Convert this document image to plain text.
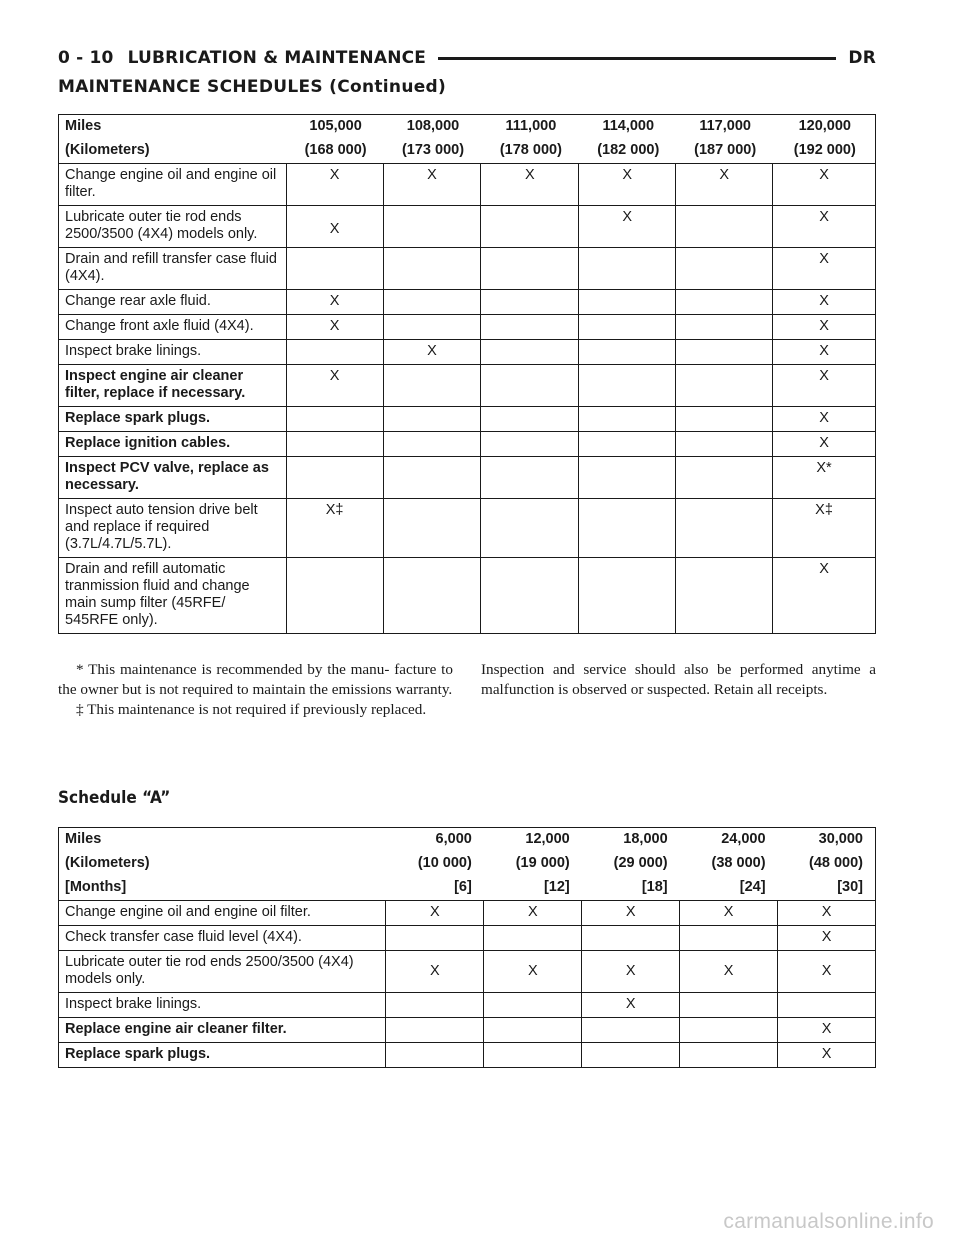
0 - 10 LUBRICATION & MAINTENANCE	DR
MAINTENANCE SCHEDULES (Continued)
Miles	105,000	108,000	111,000	114,000	117,000	120,000
(Kilometers)	(168 000)	(173 000)	(178 000)	(182 000)	(187 000)	(192 000)
Change engine oil and engine oil filter.	X	X	X	X	X	X
Lubricate outer tie rod ends 2500/3500 (4X4) models only.	X			X		X
Drain and refill transfer case fluid (4X4).						X
Change rear axle fluid.	X					X
Change front axle fluid (4X4).	X					X
Inspect brake linings.		X				X
Inspect engine air cleaner filter, replace if necessary.	X					X
Replace spark plugs.						X
Replace ignition cables.						X
Inspect PCV valve, replace as necessary.						X*
Inspect auto tension drive belt and replace if required (3.7L/4.7L/5.7L).	X‡					X‡
Drain and refill automatic tranmission fluid and change main sump filter (45RFE/ 545RFE only).						X

* This maintenance is recommended by the manu- facture to the owner but is not required to maintain the emissions warranty.

‡ This maintenance is not required if previously replaced.

Inspection and service should also be performed anytime a malfunction is observed or suspected. Retain all receipts.

Schedule “A”
Miles	6,000	12,000	18,000	24,000	30,000
(Kilometers)	(10 000)	(19 000)	(29 000)	(38 000)	(48 000)
[Months]	[6]	[12]	[18]	[24]	[30]
Change engine oil and engine oil filter.	X	X	X	X	X
Check transfer case fluid level (4X4).					X
Lubricate outer tie rod ends 2500/3500 (4X4) models only.	X	X	X	X	X
Inspect brake linings.			X		
Replace engine air cleaner filter.					X
Replace spark plugs.					X
carmanualsonline.info
